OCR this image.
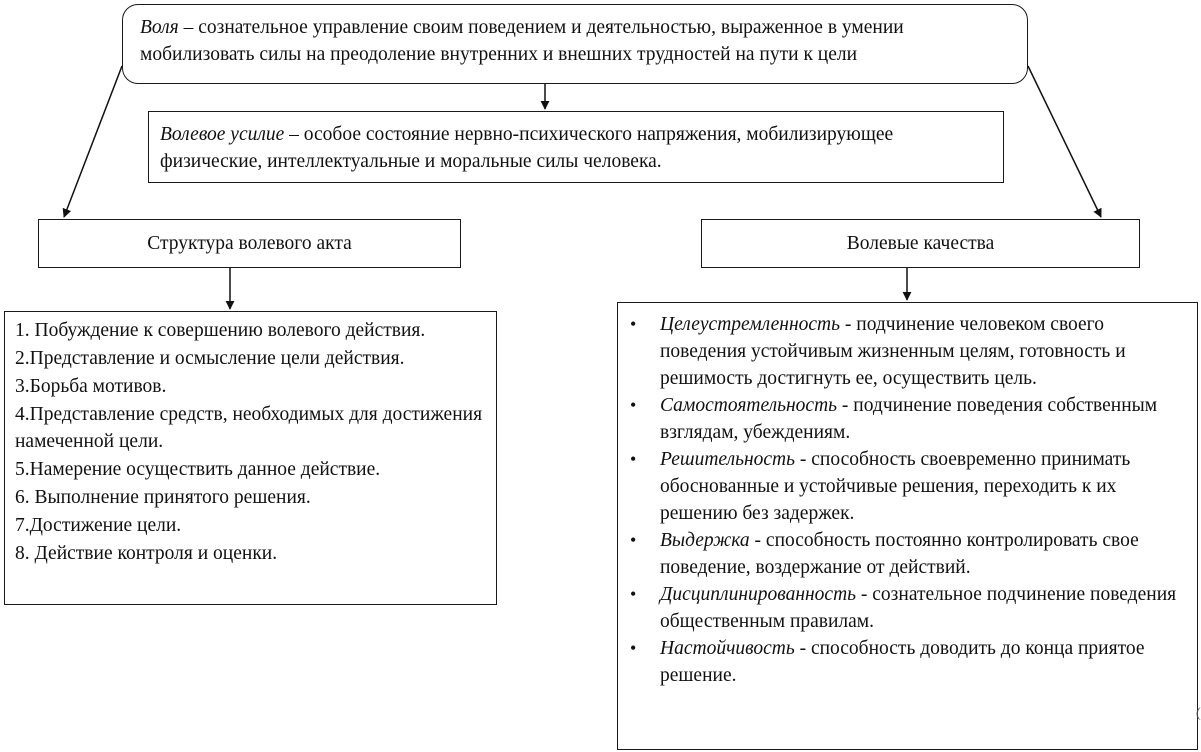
Воля – сознательное управление своим поведением и деятельностью, выраженное в умении мобилизовать силы на преодоление внутренних и внешних трудностей на пути к цели

Волевое усилие – особое состояние нервно-психического напряжения, мобилизирующее физические, интеллектуальные и моральные силы человека.

Структура волевого акта	Волевые качества
1. Побуждение к совершению волевого действия.
2.Представление и осмысление цели действия.
3.Борьба мотивов.
4.Представление средств, необходимых для достижения намеченной цели.
5.Намерение осуществить данное действие.
6. Выполнение принятого решения.
7.Достижение цели.
8. Действие контроля и оценки.
• Целеустремленность - подчинение человеком своего поведения устойчивым жизненным целям, готовность и решимость достигнуть ее, осуществить цель.
• Самостоятельность - подчинение поведения собственным взглядам, убеждениям.
• Решительность - способность своевременно принимать обоснованные и устойчивые решения, переходить к их решению без задержек.
• Выдержка - способность постоянно контролировать свое поведение, воздержание от действий.
• Дисциплинированность - сознательное подчинение поведения общественным правилам.
• Настойчивость - способность доводить до конца приятое решение.
(
